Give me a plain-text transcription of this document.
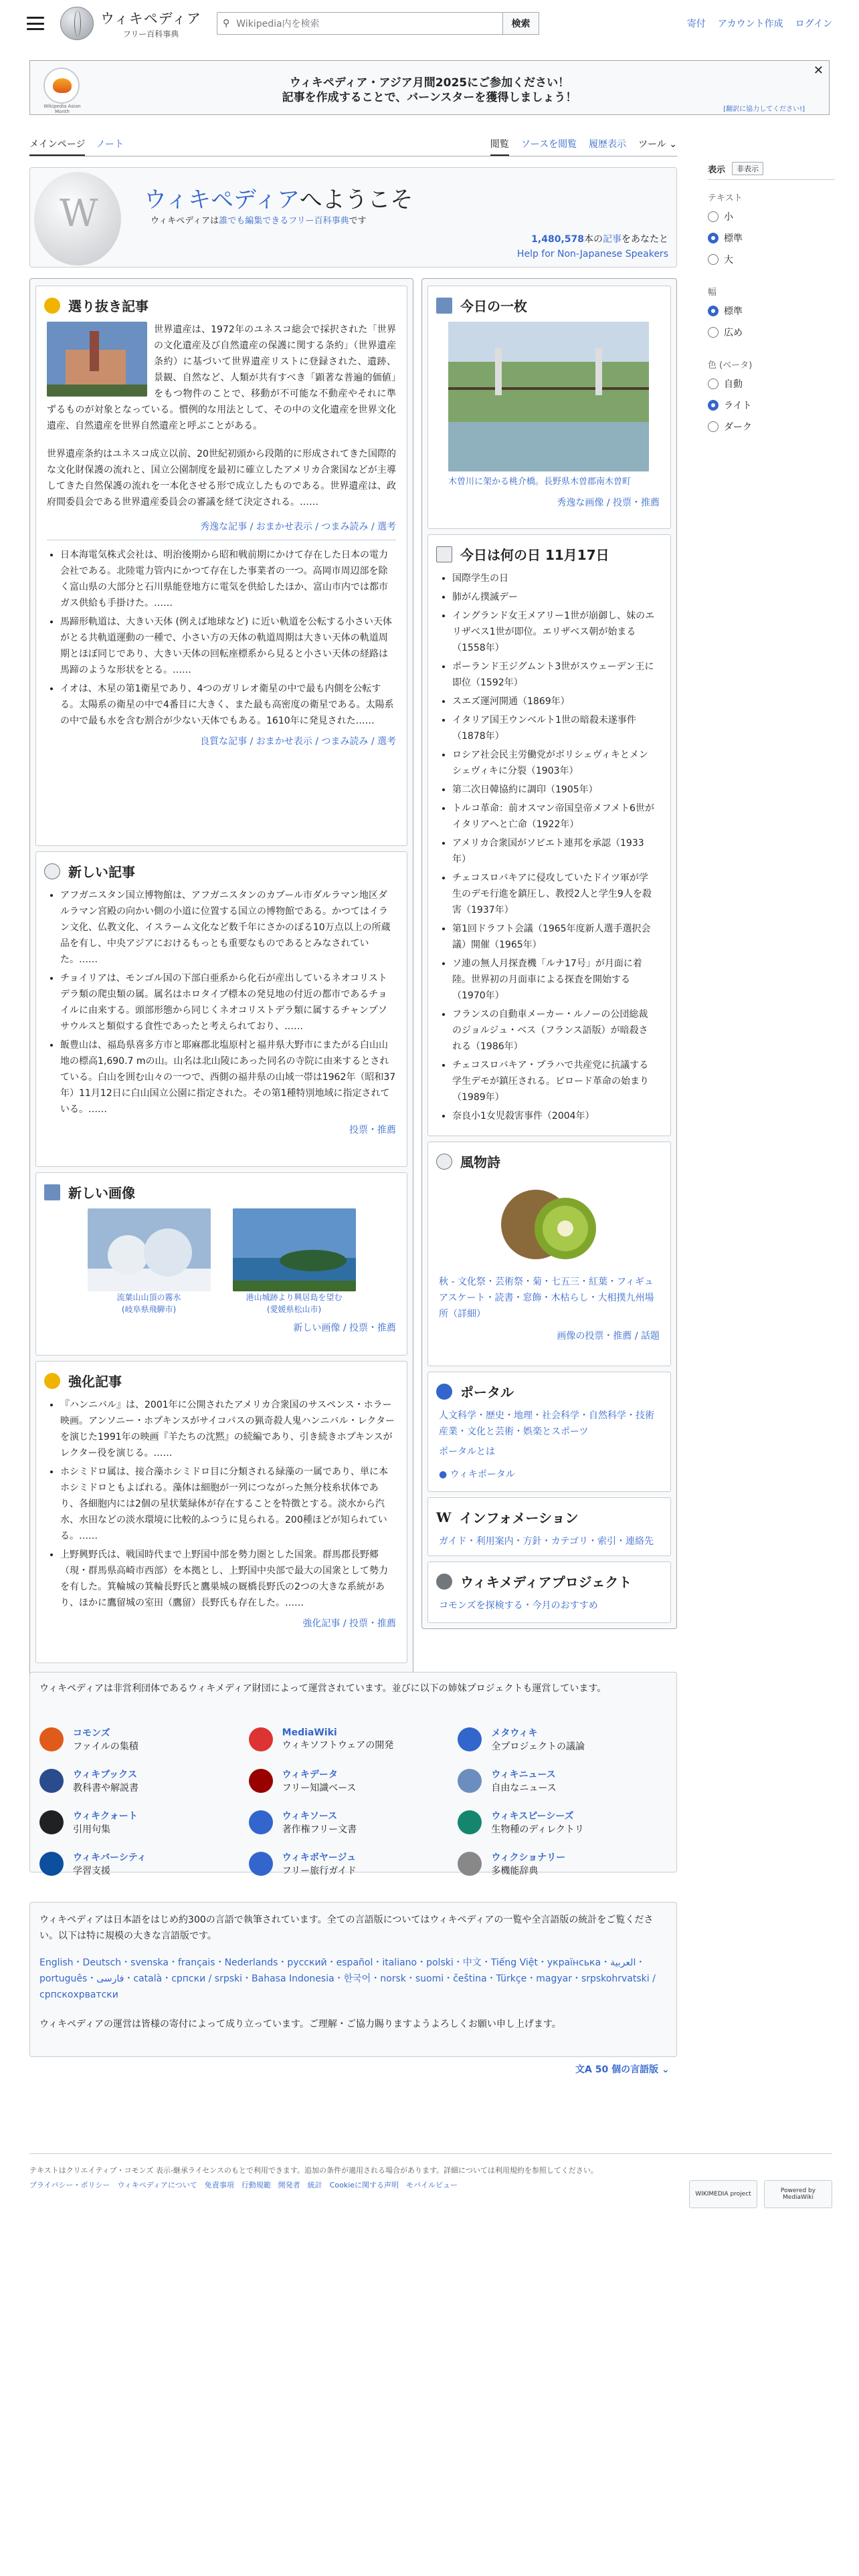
ウィキペディア
フリー百科事典
⚲ Wikipedia内を検索	検索	寄付 アカウント作成 ログイン
Wikipedia Asian Month
ウィキペディア・アジア月間2025にご参加ください！
記事を作成することで、バーンスターを獲得しましょう！
✕
[翻訳に協力してください!]
メインページ ノート	閲覧 ソースを閲覧 履歴表示 ツール ⌄
表示	非表示
テキスト
小
標準
大
幅
標準
広め
色 (ベータ)
自動
ライト
ダーク
W
ウィキペディアへようこそ
ウィキペディアは誰でも編集できるフリー百科事典です
1,480,578本の記事をあなたと
Help for Non-Japanese Speakers
選り抜き記事
世界遺産は、1972年のユネスコ総会で採択された「世界の文化遺産及び自然遺産の保護に関する条約」（世界遺産条約）に基づいて世界遺産リストに登録された、遺跡、景観、自然など、人類が共有すべき「顕著な普遍的価値」をもつ物件のことで、移動が不可能な不動産やそれに準ずるものが対象となっている。慣例的な用法として、その中の文化遺産を世界文化遺産、自然遺産を世界自然遺産と呼ぶことがある。
世界遺産条約はユネスコ成立以前、20世紀初頭から段階的に形成されてきた国際的な文化財保護の流れと、国立公園制度を最初に確立したアメリカ合衆国などが主導してきた自然保護の流れを一本化させる形で成立したものである。世界遺産は、政府間委員会である世界遺産委員会の審議を経て決定される。……
秀逸な記事 / おまかせ表示 / つまみ読み / 選考
• 日本海電気株式会社は、明治後期から昭和戦前期にかけて存在した日本の電力会社である。北陸電力管内にかつて存在した事業者の一つ。高岡市周辺部を除く富山県の大部分と石川県能登地方に電気を供給したほか、富山市内では都市ガス供給も手掛けた。……
• 馬蹄形軌道は、大きい天体 (例えば地球など) に近い軌道を公転する小さい天体がとる共軌道運動の一種で、小さい方の天体の軌道周期は大きい天体の軌道周期とほぼ同じであり、大きい天体の回転座標系から見ると小さい天体の経路は馬蹄のような形状をとる。……
• イオは、木星の第1衛星であり、4つのガリレオ衛星の中で最も内側を公転する。太陽系の衛星の中で4番目に大きく、また最も高密度の衛星である。太陽系の中で最も水を含む割合が少ない天体でもある。1610年に発見された……
良質な記事 / おまかせ表示 / つまみ読み / 選考
新しい記事
• アフガニスタン国立博物館は、アフガニスタンのカブール市ダルラマン地区ダルラマン宮殿の向かい側の小道に位置する国立の博物館である。かつてはイラン文化、仏教文化、イスラーム文化など数千年にさかのぼる10万点以上の所蔵品を有し、中央アジアにおけるもっとも重要なものであるとみなされていた。……
• チョイリアは、モンゴル国の下部白亜系から化石が産出しているネオコリストデラ類の爬虫類の属。属名はホロタイプ標本の発見地の付近の都市であるチョイルに由来する。頭部形態から同じくネオコリストデラ類に属するチャンプソサウルスと類似する食性であったと考えられており、……
• 飯豊山は、福島県喜多方市と耶麻郡北塩原村と福井県大野市にまたがる白山山地の標高1,690.7 mの山。山名は北山陵にあった同名の寺院に由来するとされている。白山を囲む山々の一つで、西側の福井県の山域一帯は1962年（昭和37年）11月12日に白山国立公園に指定された。その第1種特別地域に指定されている。……
投票・推薦
新しい画像
流葉山山頂の霧氷
(岐阜県飛騨市)
港山城跡より興居島を望む
(愛媛県松山市)
新しい画像 / 投票・推薦
強化記事
• 『ハンニバル』は、2001年に公開されたアメリカ合衆国のサスペンス・ホラー映画。アンソニー・ホプキンスがサイコパスの猟奇殺人鬼ハンニバル・レクターを演じた1991年の映画『羊たちの沈黙』の続編であり、引き続きホプキンスがレクター役を演じる。……
• ホシミドロ属は、接合藻ホシミドロ目に分類される緑藻の一属であり、単に本ホシミドロともよばれる。藻体は細胞が一列につながった無分枝糸状体であり、各細胞内には2個の星状葉緑体が存在することを特徴とする。淡水から汽水、水田などの淡水環境に比較的ふつうに見られる。200種ほどが知られている。……
• 上野興野氏は、戦国時代まで上野国中部を勢力圏とした国衆。群馬郡長野郷（現・群馬県高崎市西部）を本拠とし、上野国中央部で最大の国衆として勢力を有した。箕輪城の箕輪長野氏と鷹巣城の厩橋長野氏の2つの大きな系統があり、ほかに鷹留城の室田（鷹留）長野氏も存在した。……
強化記事 / 投票・推薦
今日の一枚
木曽川に架かる桃介橋。長野県木曽郡南木曽町
秀逸な画像 / 投票・推薦
今日は何の日 11月17日
• 国際学生の日
• 肺がん撲滅デー
• イングランド女王メアリー1世が崩御し、妹のエリザベス1世が即位。エリザベス朝が始まる（1558年）
• ポーランド王ジグムント3世がスウェーデン王に即位（1592年）
• スエズ運河開通（1869年）
• イタリア国王ウンベルト1世の暗殺未遂事件（1878年）
• ロシア社会民主労働党がボリシェヴィキとメンシェヴィキに分裂（1903年）
• 第二次日韓協約に調印（1905年）
• トルコ革命：前オスマン帝国皇帝メフメト6世がイタリアへと亡命（1922年）
• アメリカ合衆国がソビエト連邦を承認（1933年）
• チェコスロバキアに侵攻していたドイツ軍が学生のデモ行進を鎮圧し、教授2人と学生9人を殺害（1937年）
• 第1回ドラフト会議（1965年度新人選手選択会議）開催（1965年）
• ソ連の無人月探査機「ルナ17号」が月面に着陸。世界初の月面車による探査を開始する（1970年）
• フランスの自動車メーカー・ルノーの公団総裁のジョルジュ・ベス（フランス語版）が暗殺される（1986年）
• チェコスロバキア・プラハで共産党に抗議する学生デモが鎮圧される。ビロード革命の始まり（1989年）
• 奈良小1女児殺害事件（2004年）
風物詩
秋 - 文化祭・芸術祭・菊・七五三・紅葉・フィギュアスケート・読書・窓飾・木枯らし・大相撲九州場所（詳細）
画像の投票・推薦 / 話題
ポータル
人文科学・歴史・地理・社会科学・自然科学・技術産業・文化と芸術・娯楽とスポーツ
ポータルとは
● ウィキポータル
W インフォメーション
ガイド・利用案内・方針・カテゴリ・索引・連絡先
ウィキメディアプロジェクト
コモンズを探検する・今月のおすすめ
ウィキペディアは非営利団体であるウィキメディア財団によって運営されています。並びに以下の姉妹プロジェクトも運営しています。
コモンズ
ファイルの集積
MediaWiki
ウィキソフトウェアの開発
メタウィキ
全プロジェクトの議論
ウィキブックス
教科書や解説書
ウィキデータ
フリー知識ベース
ウィキニュース
自由なニュース
ウィキクォート
引用句集
ウィキソース
著作権フリー文書
ウィキスピーシーズ
生物種のディレクトリ
ウィキバーシティ
学習支援
ウィキボヤージュ
フリー旅行ガイド
ウィクショナリー
多機能辞典
ウィキペディアは日本語をはじめ約300の言語で執筆されています。全ての言語版についてはウィキペディアの一覧や全言語版の統計をご覧ください。以下は特に規模の大きな言語版です。
English・Deutsch・svenska・français・Nederlands・русский・español・italiano・polski・中文・Tiếng Việt・українська・العربية・português・فارسی・català・српски / srpski・Bahasa Indonesia・한국어・norsk・suomi・čeština・Türkçe・magyar・srpskohrvatski / српскохрватски
ウィキペディアの運営は皆様の寄付によって成り立っています。ご理解・ご協力賜りますようよろしくお願い申し上げます。
文A 50 個の言語版 ⌄
テキストはクリエイティブ・コモンズ 表示-継承ライセンスのもとで利用できます。追加の条件が適用される場合があります。詳細については利用規約を参照してください。
プライバシー・ポリシー　ウィキペディアについて　免責事項　行動規範　開発者　統計　Cookieに関する声明　モバイルビュー
WIKIMEDIA project	Powered by MediaWiki
